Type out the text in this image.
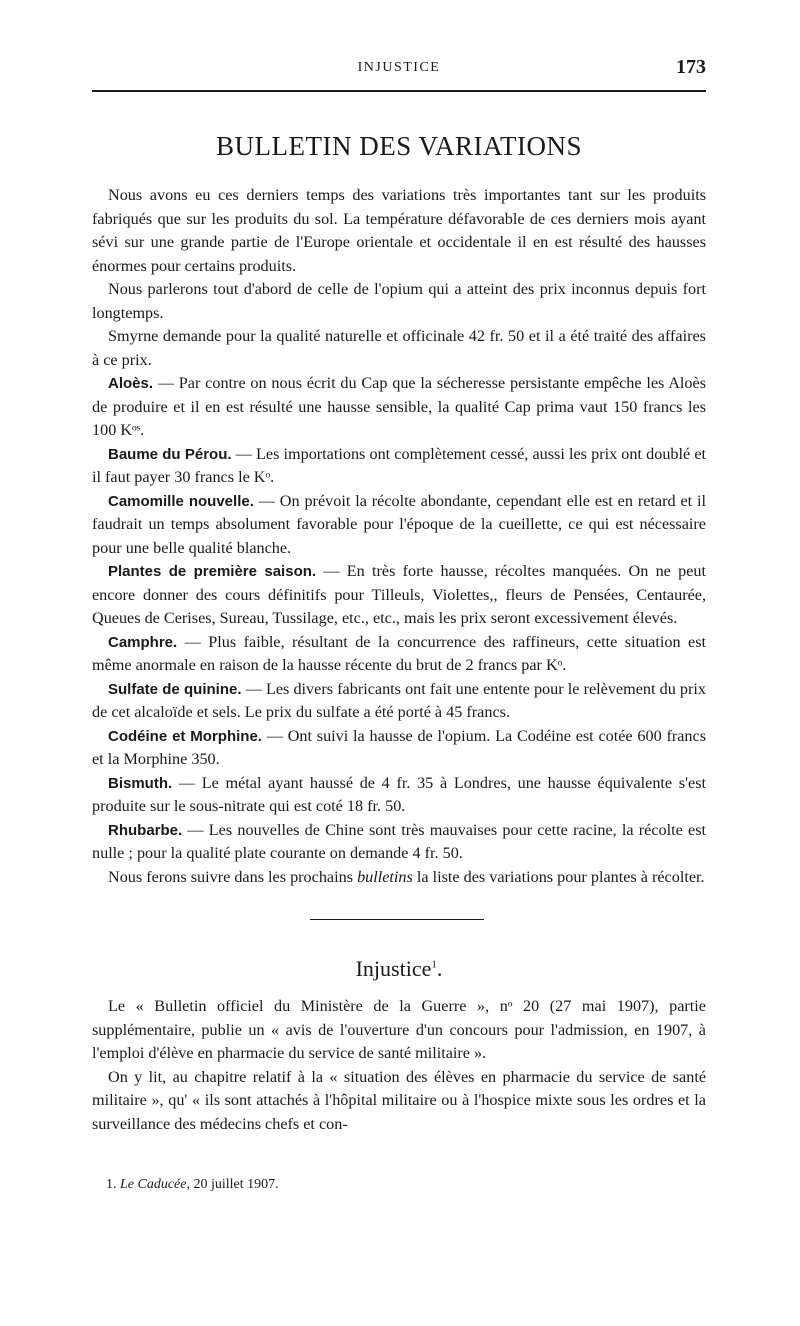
INJUSTICE	173
BULLETIN DES VARIATIONS

Nous avons eu ces derniers temps des variations très importantes tant sur les produits fabriqués que sur les produits du sol. La température défavorable de ces derniers mois ayant sévi sur une grande partie de l'Europe orientale et occidentale il en est résulté des hausses énormes pour certains produits.

Nous parlerons tout d'abord de celle de l'opium qui a atteint des prix inconnus depuis fort longtemps.

Smyrne demande pour la qualité naturelle et officinale 42 fr. 50 et il a été traité des affaires à ce prix.

Aloès. — Par contre on nous écrit du Cap que la sécheresse persistante empêche les Aloès de produire et il en est résulté une hausse sensible, la qualité Cap prima vaut 150 francs les 100 Kᵒˢ.

Baume du Pérou. — Les importations ont complètement cessé, aussi les prix ont doublé et il faut payer 30 francs le Kᵒ.

Camomille nouvelle. — On prévoit la récolte abondante, cependant elle est en retard et il faudrait un temps absolument favorable pour l'époque de la cueillette, ce qui est nécessaire pour une belle qualité blanche.

Plantes de première saison. — En très forte hausse, récoltes manquées. On ne peut encore donner des cours définitifs pour Tilleuls, Violettes,, fleurs de Pensées, Centaurée, Queues de Cerises, Sureau, Tussilage, etc., etc., mais les prix seront excessivement élevés.

Camphre. — Plus faible, résultant de la concurrence des raffineurs, cette situation est même anormale en raison de la hausse récente du brut de 2 francs par Kᵒ.

Sulfate de quinine. — Les divers fabricants ont fait une entente pour le relèvement du prix de cet alcaloïde et sels. Le prix du sulfate a été porté à 45 francs.

Codéine et Morphine. — Ont suivi la hausse de l'opium. La Codéine est cotée 600 francs et la Morphine 350.

Bismuth. — Le métal ayant haussé de 4 fr. 35 à Londres, une hausse équivalente s'est produite sur le sous-nitrate qui est coté 18 fr. 50.

Rhubarbe. — Les nouvelles de Chine sont très mauvaises pour cette racine, la récolte est nulle ; pour la qualité plate courante on demande 4 fr. 50.

Nous ferons suivre dans les prochains bulletins la liste des variations pour plantes à récolter.

Injustice$^1$.

Le « Bulletin officiel du Ministère de la Guerre », nᵒ 20 (27 mai 1907), partie supplémentaire, publie un « avis de l'ouverture d'un concours pour l'admission, en 1907, à l'emploi d'élève en pharmacie du service de santé militaire ».

On y lit, au chapitre relatif à la « situation des élèves en pharmacie du service de santé militaire », qu' « ils sont attachés à l'hôpital militaire ou à l'hospice mixte sous les ordres et la surveillance des médecins chefs et con-

1. Le Caducée, 20 juillet 1907.
